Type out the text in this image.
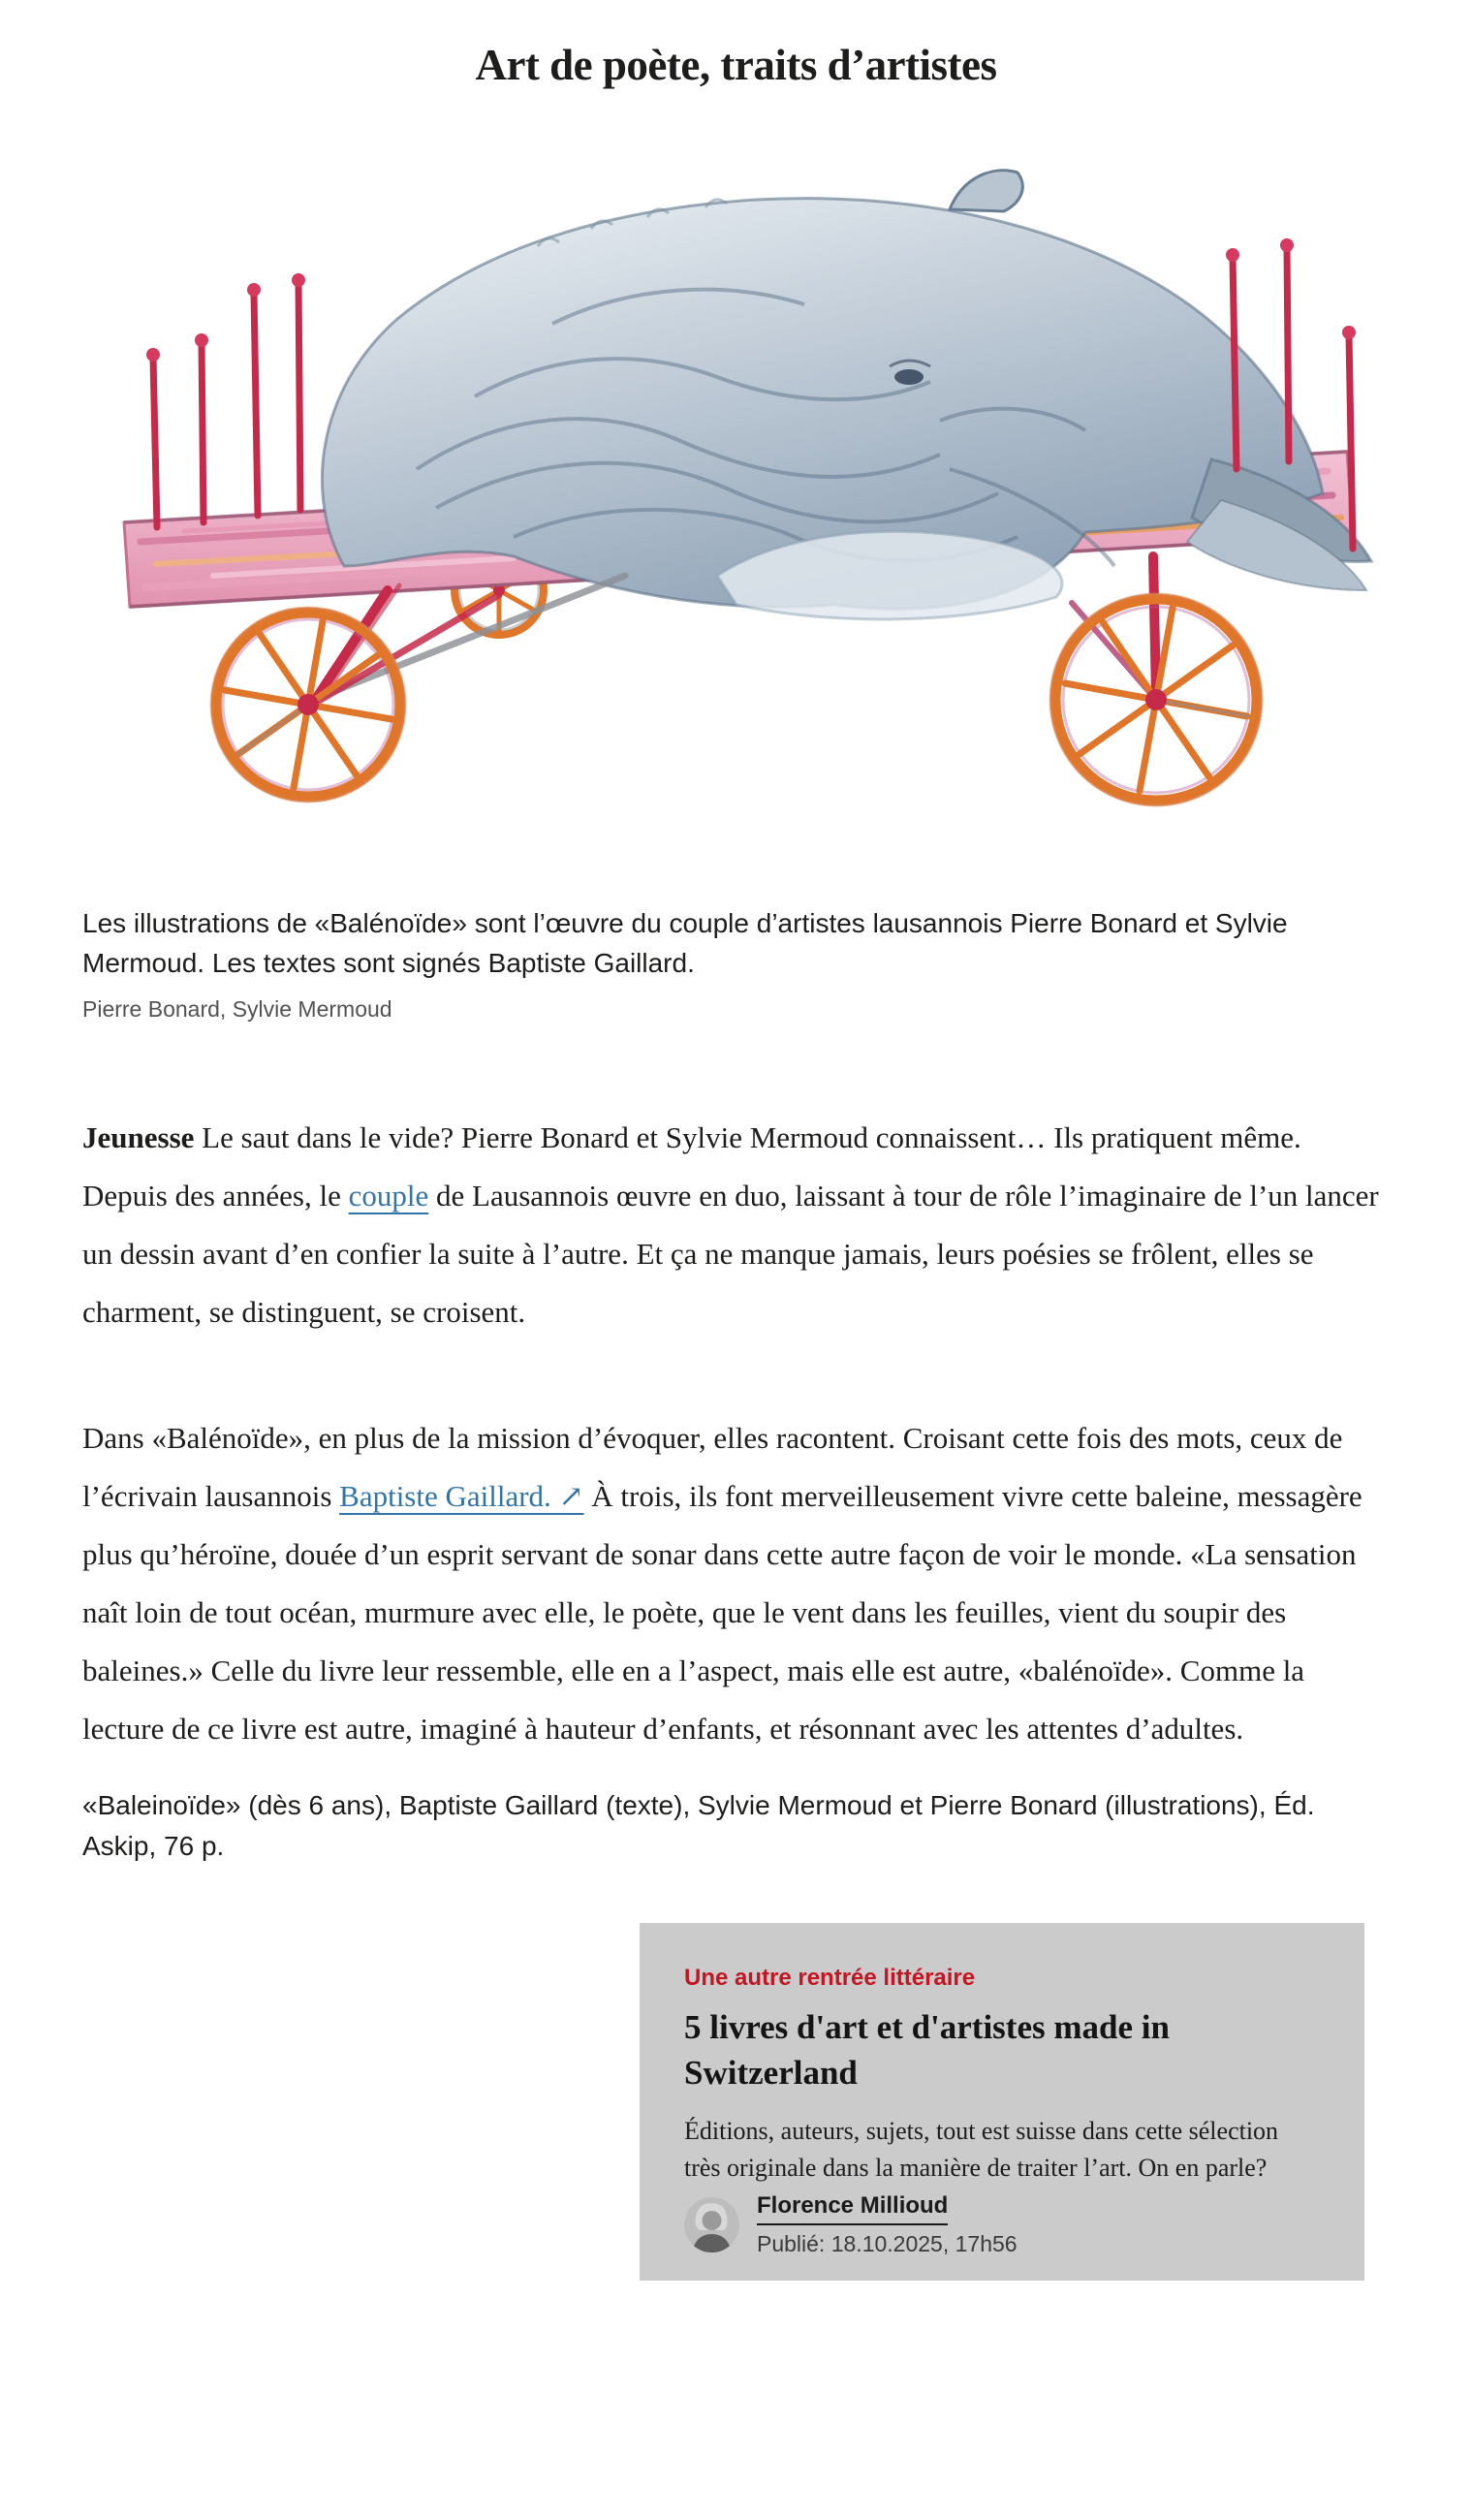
Art de poète, traits d’artistes

Les illustrations de «Balénoïde» sont l’œuvre du couple d’artistes lausannois Pierre Bonard et Sylvie Mermoud. Les textes sont signés Baptiste Gaillard.

Pierre Bonard, Sylvie Mermoud

Jeunesse Le saut dans le vide? Pierre Bonard et Sylvie Mermoud connaissent… Ils pratiquent même. Depuis des années, le couple de Lausannois œuvre en duo, laissant à tour de rôle l’imaginaire de l’un lancer un dessin avant d’en confier la suite à l’autre. Et ça ne manque jamais, leurs poésies se frôlent, elles se charment, se distinguent, se croisent.

Dans «Balénoïde», en plus de la mission d’évoquer, elles racontent. Croisant cette fois des mots, ceux de l’écrivain lausannois Baptiste Gaillard. ↗ À trois, ils font merveilleusement vivre cette baleine, messagère plus qu’héroïne, douée d’un esprit servant de sonar dans cette autre façon de voir le monde. «La sensation naît loin de tout océan, murmure avec elle, le poète, que le vent dans les feuilles, vient du soupir des baleines.» Celle du livre leur ressemble, elle en a l’aspect, mais elle est autre, «balénoïde». Comme la lecture de ce livre est autre, imaginé à hauteur d’enfants, et résonnant avec les attentes d’adultes.

«Baleinoïde» (dès 6 ans), Baptiste Gaillard (texte), Sylvie Mermoud et Pierre Bonard (illustrations), Éd. Askip, 76 p.

Une autre rentrée littéraire

5 livres d'art et d'artistes made in Switzerland

Éditions, auteurs, sujets, tout est suisse dans cette sélection très originale dans la manière de traiter l’art. On en parle?

Florence Millioud
Publié: 18.10.2025, 17h56
